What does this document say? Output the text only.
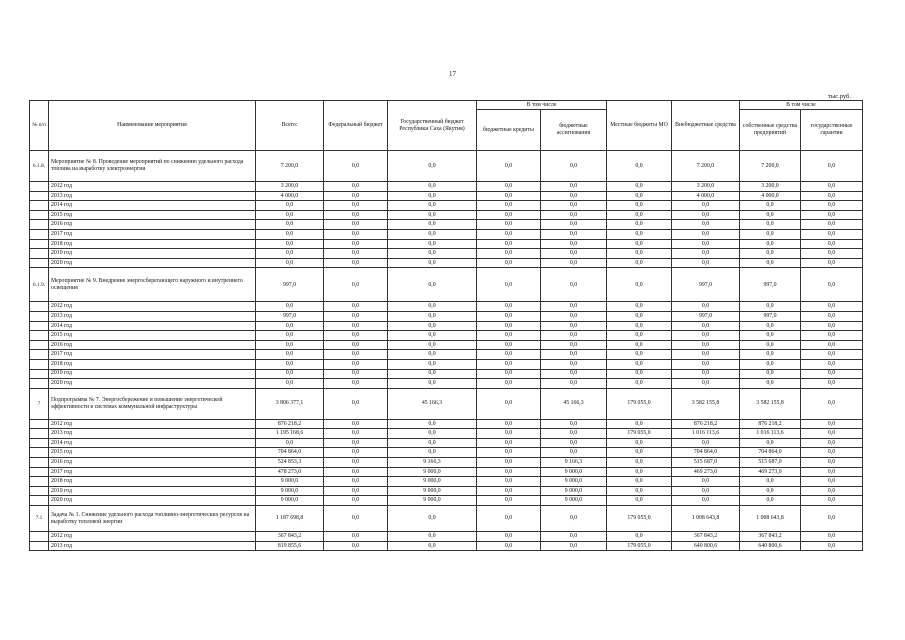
17
тыс.руб.
№ п/п	Наименование мероприятия	Всего:	Федеральный бюджет	Государственный бюджет Республики Саха (Якутия)	В том числе		Местные бюджеты МО	Внебюджетные средства	В том числе	
					бюджетные кредиты	бюджетные ассигнования			собственные средства предприятий	государственные гарантии
6.1.8.	Мероприятие № 8. Проведение мероприятий по снижению удельного расхода топлива на выработку электроэнергии	7 200,0	0,0	0,0	0,0	0,0	0,0	7 200,0	7 200,0	0,0
	2012 год	3 200,0	0,0	0,0	0,0	0,0	0,0	3 200,0	3 200,0	0,0
	2013 год	4 000,0	0,0	0,0	0,0	0,0	0,0	4 000,0	4 000,0	0,0
	2014 год	0,0	0,0	0,0	0,0	0,0	0,0	0,0	0,0	0,0
	2015 год	0,0	0,0	0,0	0,0	0,0	0,0	0,0	0,0	0,0
	2016 год	0,0	0,0	0,0	0,0	0,0	0,0	0,0	0,0	0,0
	2017 год	0,0	0,0	0,0	0,0	0,0	0,0	0,0	0,0	0,0
	2018 год	0,0	0,0	0,0	0,0	0,0	0,0	0,0	0,0	0,0
	2019 год	0,0	0,0	0,0	0,0	0,0	0,0	0,0	0,0	0,0
	2020 год	0,0	0,0	0,0	0,0	0,0	0,0	0,0	0,0	0,0
6.1.9.	Мероприятие № 9. Внедрение энергосберегающего наружного и внутреннего освещения	997,0	0,0	0,0	0,0	0,0	0,0	997,0	997,0	0,0
	2012 год	0,0	0,0	0,0	0,0	0,0	0,0	0,0	0,0	0,0
	2013 год	997,0	0,0	0,0	0,0	0,0	0,0	997,0	997,0	0,0
	2014 год	0,0	0,0	0,0	0,0	0,0	0,0	0,0	0,0	0,0
	2015 год	0,0	0,0	0,0	0,0	0,0	0,0	0,0	0,0	0,0
	2016 год	0,0	0,0	0,0	0,0	0,0	0,0	0,0	0,0	0,0
	2017 год	0,0	0,0	0,0	0,0	0,0	0,0	0,0	0,0	0,0
	2018 год	0,0	0,0	0,0	0,0	0,0	0,0	0,0	0,0	0,0
	2019 год	0,0	0,0	0,0	0,0	0,0	0,0	0,0	0,0	0,0
	2020 год	0,0	0,0	0,0	0,0	0,0	0,0	0,0	0,0	0,0
7	Подпрограмма № 7. Энергосбережение и повышение энергетической эффективности в системах коммунальной инфраструктуры	3 806 377,1	0,0	45 166,3	0,0	45 166,3	179 055,0	3 582 155,8	3 582 155,8	0,0
	2012 год	876 218,2	0,0	0,0	0,0	0,0	0,0	876 218,2	876 218,2	0,0
	2013 год	1 195 168,6	0,0	0,0	0,0	0,0	179 055,0	1 016 113,6	1 016 113,6	0,0
	2014 год	0,0	0,0	0,0	0,0	0,0	0,0	0,0	0,0	0,0
	2015 год	704 864,0	0,0	0,0	0,0	0,0	0,0	704 864,0	704 864,0	0,0
	2016 год	524 853,3	0,0	9 166,3	0,0	9 166,3	0,0	515 687,0	515 687,0	0,0
	2017 год	478 273,0	0,0	9 000,0	0,0	9 000,0	0,0	469 273,0	469 273,0	0,0
	2018 год	9 000,0	0,0	9 000,0	0,0	9 000,0	0,0	0,0	0,0	0,0
	2019 год	9 000,0	0,0	9 000,0	0,0	9 000,0	0,0	0,0	0,0	0,0
	2020 год	9 000,0	0,0	9 000,0	0,0	9 000,0	0,0	0,0	0,0	0,0
7.1	Задача № 1. Снижение удельного расхода топливно-энергетических ресурсов на выработку тепловой энергии	1 187 698,8	0,0	0,0	0,0	0,0	179 055,0	1 008 643,8	1 008 643,8	0,0
	2012 год	367 843,2	0,0	0,0	0,0	0,0	0,0	367 843,2	367 843,2	0,0
	2013 год	819 855,6	0,0	0,0	0,0	0,0	179 055,0	640 800,6	640 800,6	0,0
